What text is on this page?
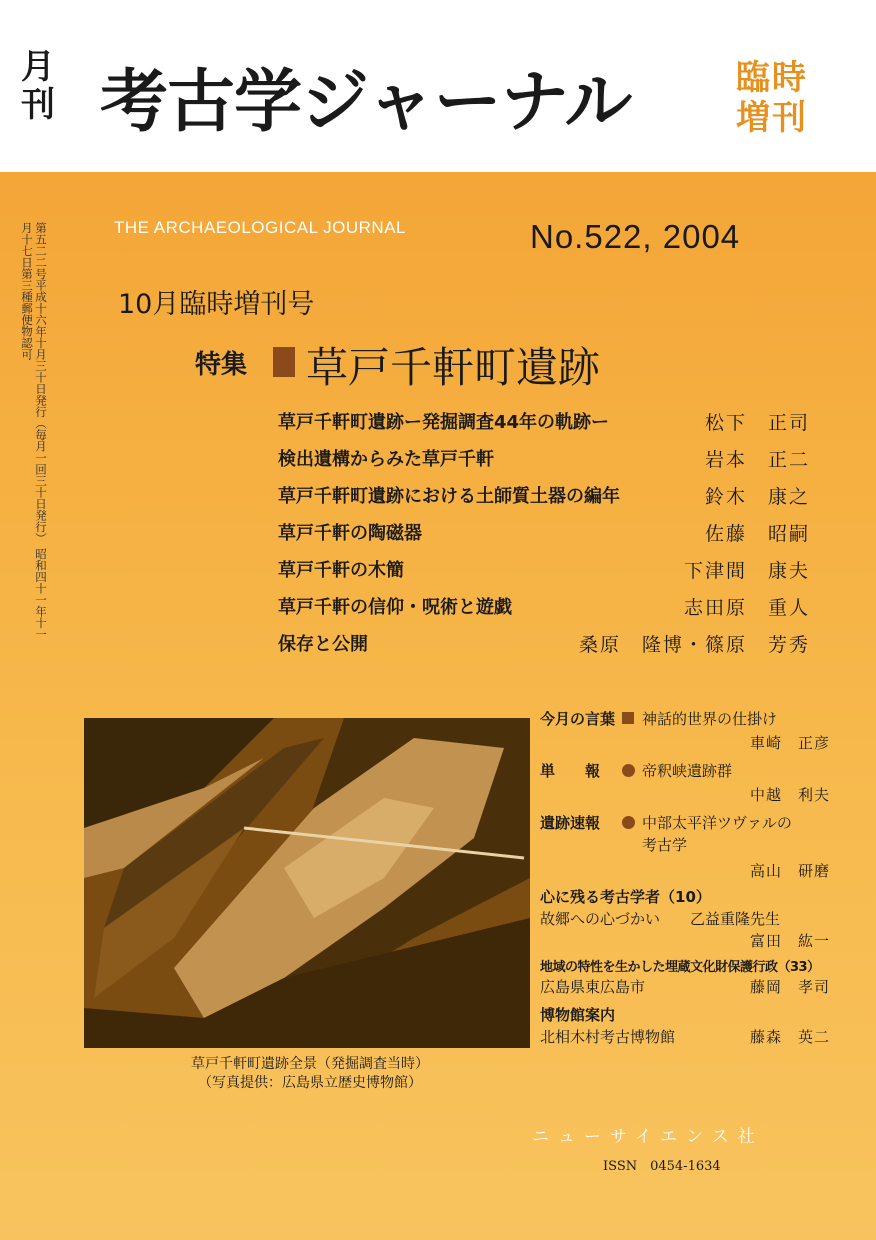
月
刊 考古学ジャーナル	臨時
増刊
第五二二号平成十六年十月三十日発行（毎月一回三十日発行） 昭和四十一年十一月十七日第三種郵便物認可	THE ARCHAEOLOGICAL JOURNAL	No.522, 2004
10月臨時増刊号
特集 草戸千軒町遺跡
草戸千軒町遺跡ー発掘調査44年の軌跡ー	松下　正司
検出遺構からみた草戸千軒	岩本　正二
草戸千軒町遺跡における土師質土器の編年	鈴木　康之
草戸千軒の陶磁器	佐藤　昭嗣
草戸千軒の木簡	下津間　康夫
草戸千軒の信仰・呪術と遊戯	志田原　重人
保存と公開	桑原　隆博・篠原　芳秀
草戸千軒町遺跡全景（発掘調査当時）
（写真提供：広島県立歴史博物館）
今月の言葉 神話的世界の仕掛け
車崎　正彦
単　　報	帝釈峡遺跡群
中越　利夫
遺跡速報	中部太平洋ツヴァルの
考古学
高山　研磨
心に残る考古学者（10）
故郷への心づかい 乙益重隆先生
富田　紘一
地域の特性を生かした埋蔵文化財保護行政（33）
広島県東広島市	藤岡　孝司
博物館案内
北相木村考古博物館	藤森　英二
ニューサイエンス社
ISSN　0454-1634
